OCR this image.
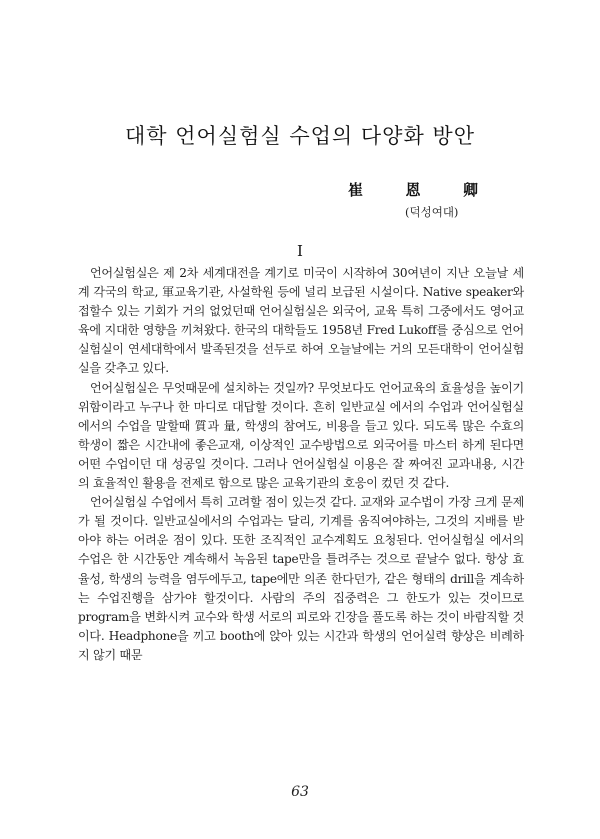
대학 언어실험실 수업의 다양화 방안
崔	恩	卿
(덕성여대)
I

언어실험실은 제 2차 세계대전을 계기로 미국이 시작하여 30여년이 지난 오늘날 세계 각국의 학교, 軍교육기관, 사설학원 등에 널리 보급된 시설이다. Native speaker와 접할수 있는 기회가 거의 없었던때 언어실험실은 외국어, 교육 특히 그중에서도 영어교육에 지대한 영향을 끼쳐왔다. 한국의 대학들도 1958년 Fred Lukoff를 중심으로 언어실험실이 연세대학에서 발족된것을 선두로 하여 오늘날에는 거의 모든대학이 언어실험실을 갖추고 있다.

언어실험실은 무엇때문에 설치하는 것일까? 무엇보다도 언어교육의 효율성을 높이기 위함이라고 누구나 한 마디로 대답할 것이다. 흔히 일반교실 에서의 수업과 언어실험실에서의 수업을 말할때 質과 量, 학생의 참여도, 비용을 들고 있다. 되도록 많은 수효의 학생이 짧은 시간내에 좋은교재, 이상적인 교수방법으로 외국어를 마스터 하게 된다면 어떤 수업이던 대 성공일 것이다. 그러나 언어실험실 이용은 잘 짜여진 교과내용, 시간의 효율적인 활용을 전제로 함으로 많은 교육기관의 호응이 컸던 것 같다.

언어실험실 수업에서 특히 고려할 점이 있는것 같다. 교재와 교수법이 가장 크게 문제가 될 것이다. 일반교실에서의 수업과는 달리, 기계를 움직여야하는, 그것의 지배를 받아야 하는 어려운 점이 있다. 또한 조직적인 교수계획도 요청된다. 언어실험실 에서의 수업은 한 시간동안 계속해서 녹음된 tape만을 틀려주는 것으로 끝날수 없다. 항상 효율성, 학생의 능력을 염두에두고, tape에만 의존 한다던가, 같은 형태의 drill을 계속하는 수업진행을 삼가야 할것이다. 사람의 주의 집중력은 그 한도가 있는 것이므로 program을 변화시켜 교수와 학생 서로의 피로와 긴장을 풀도록 하는 것이 바람직할 것이다. Headphone을 끼고 booth에 앉아 있는 시간과 학생의 언어실력 향상은 비례하지 않기 때문

63
